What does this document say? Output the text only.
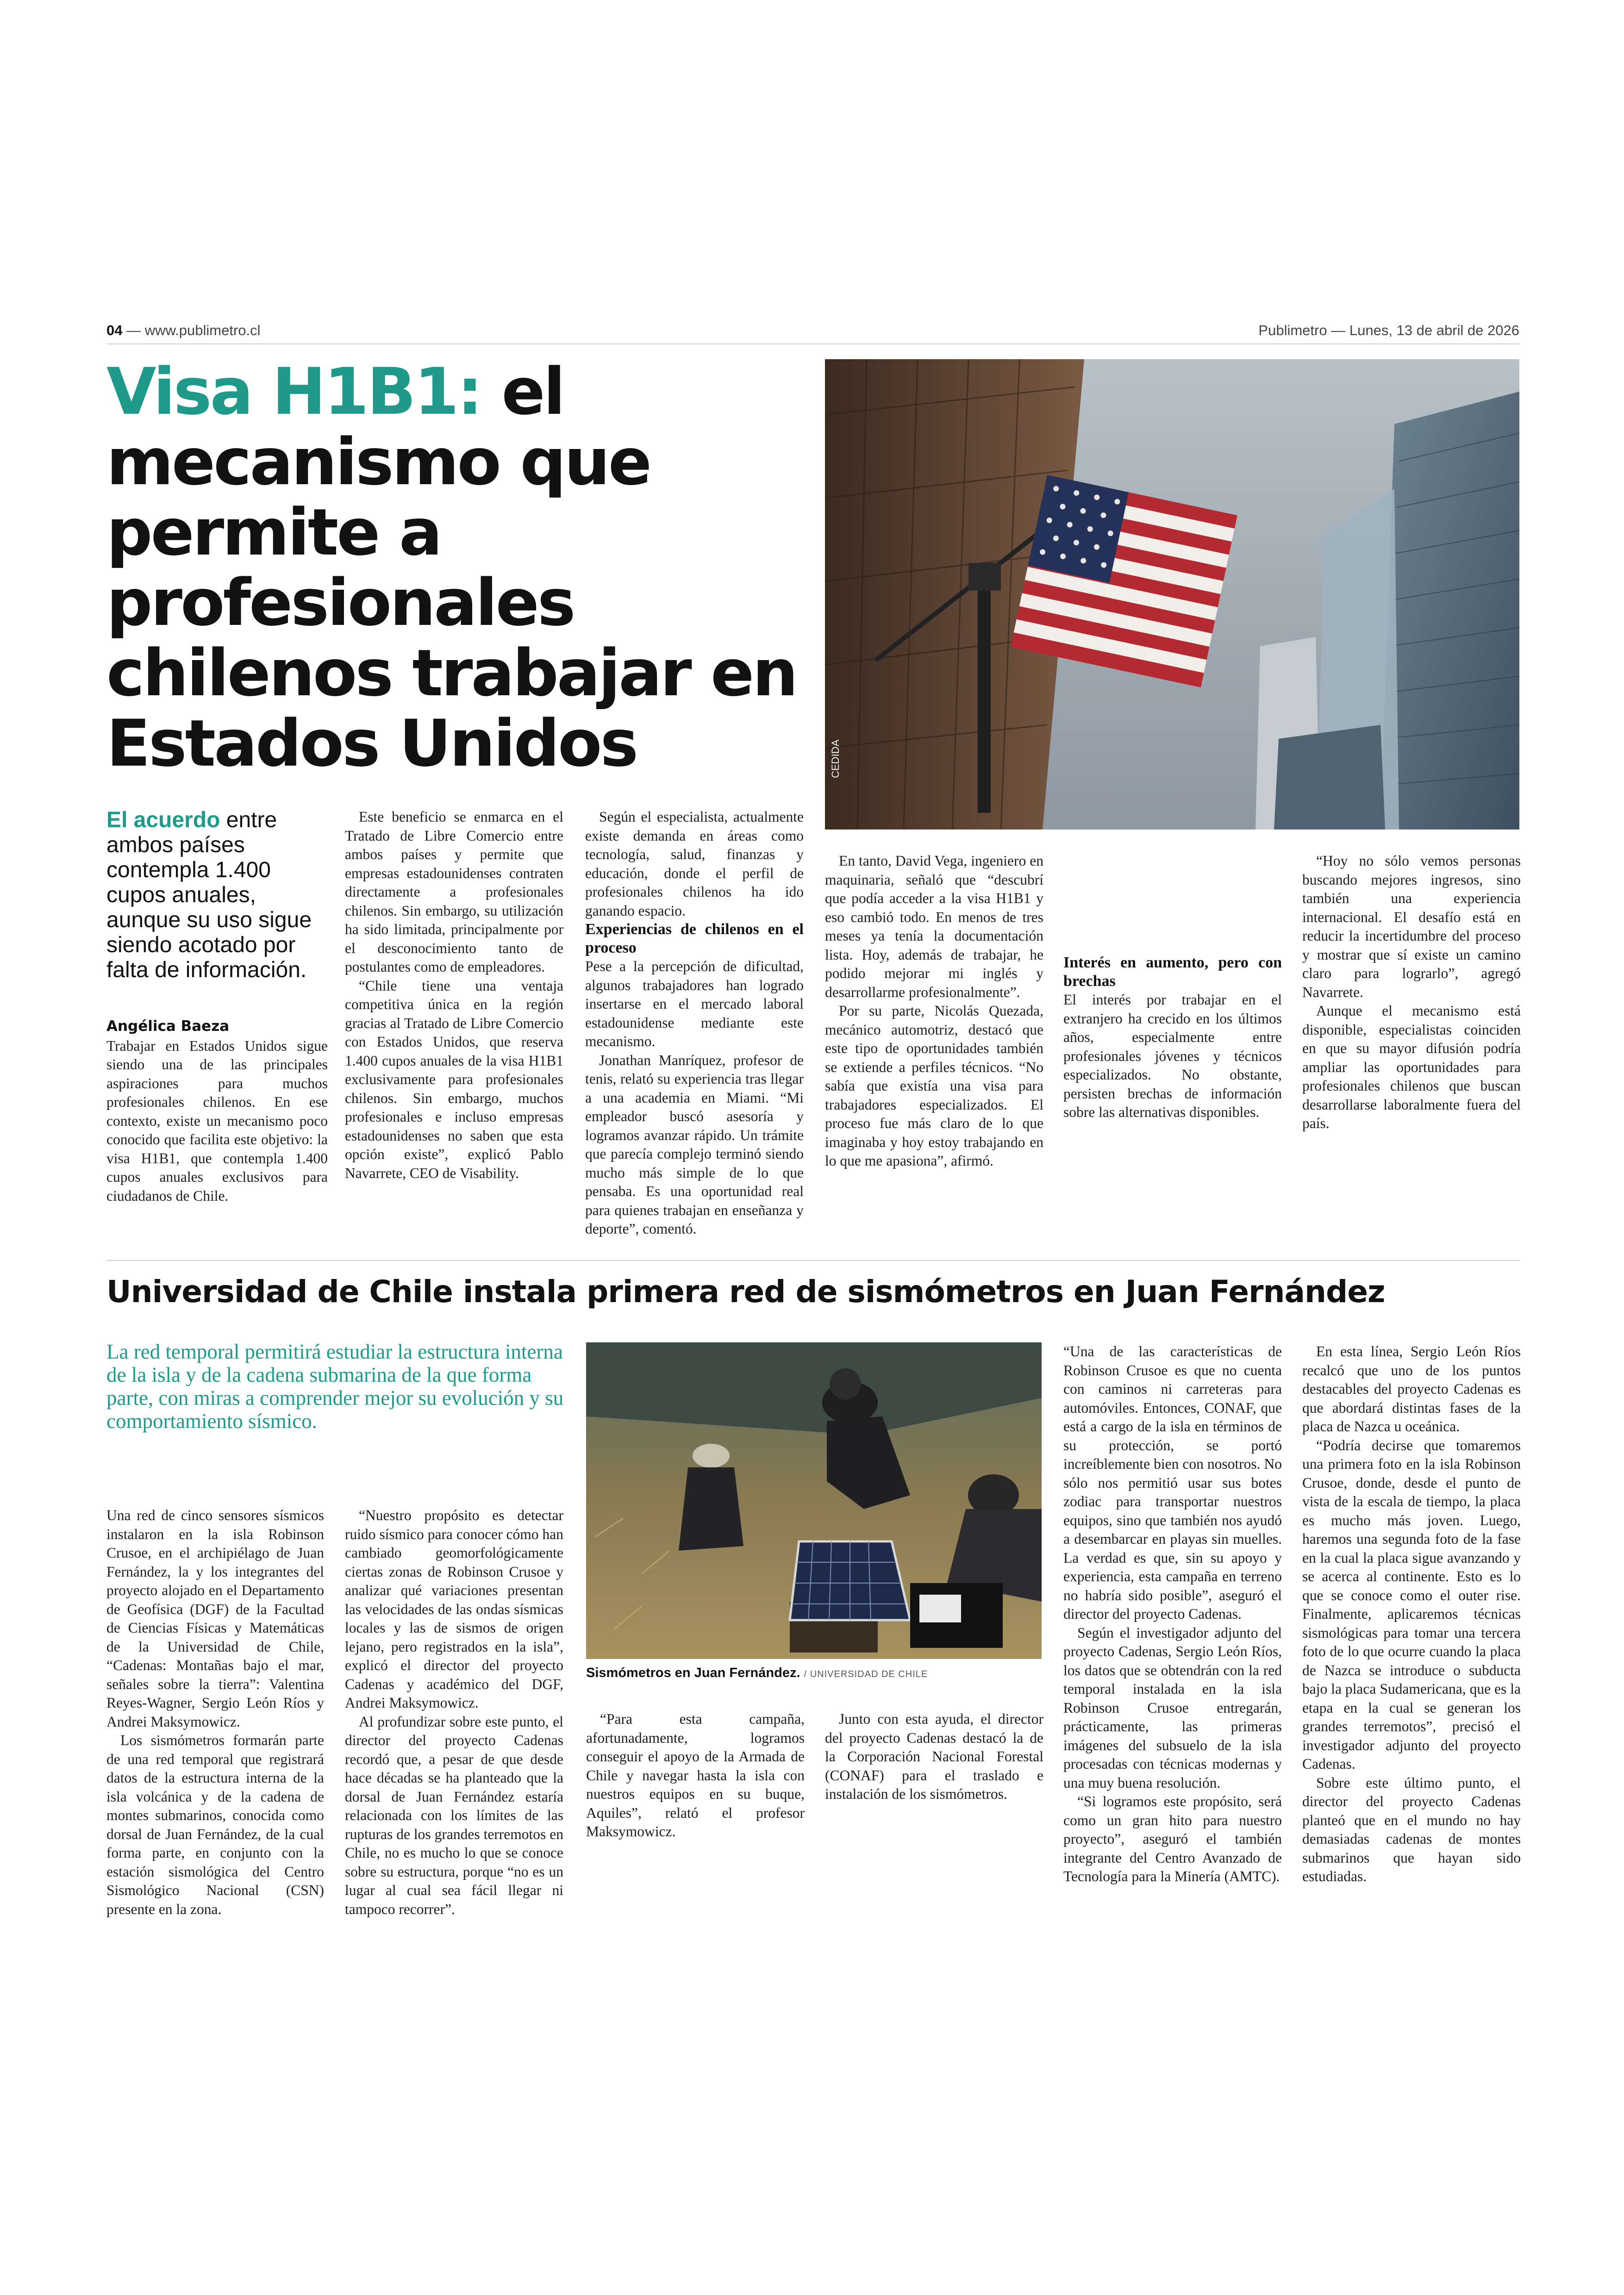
04 — www.publimetro.cl	Publimetro — Lunes, 13 de abril de 2026
Visa H1B1: el mecanismo que permite a profesionales chilenos trabajar en Estados Unidos	CEDIDA

El acuerdo entre ambos países contempla 1.400 cupos anuales, aunque su uso sigue siendo acotado por falta de información.

Angélica Baeza

Trabajar en Estados Unidos sigue siendo una de las principales aspiraciones para muchos profesionales chilenos. En ese contexto, existe un mecanismo poco conocido que facilita este objetivo: la visa H1B1, que contempla 1.400 cupos anuales exclusivos para ciudadanos de Chile.

Este beneficio se enmarca en el Tratado de Libre Comercio entre ambos países y permite que empresas estadounidenses contraten directamente a profesionales chilenos. Sin embargo, su utilización ha sido limitada, principalmente por el desconocimiento tanto de postulantes como de empleadores.

“Chile tiene una ventaja competitiva única en la región gracias al Tratado de Libre Comercio con Estados Unidos, que reserva 1.400 cupos anuales de la visa H1B1 exclusivamente para profesionales chilenos. Sin embargo, muchos profesionales e incluso empresas estadounidenses no saben que esta opción existe”, explicó Pablo Navarrete, CEO de Visability.

Según el especialista, actualmente existe demanda en áreas como tecnología, salud, finanzas y educación, donde el perfil de profesionales chilenos ha ido ganando espacio.

Experiencias de chilenos en el proceso

Pese a la percepción de dificultad, algunos trabajadores han logrado insertarse en el mercado laboral estadounidense mediante este mecanismo.

Jonathan Manríquez, profesor de tenis, relató su experiencia tras llegar a una academia en Miami. “Mi empleador buscó asesoría y logramos avanzar rápido. Un trámite que parecía complejo terminó siendo mucho más simple de lo que pensaba. Es una oportunidad real para quienes trabajan en enseñanza y deporte”, comentó.

En tanto, David Vega, ingeniero en maquinaria, señaló que “descubrí que podía acceder a la visa H1B1 y eso cambió todo. En menos de tres meses ya tenía la documentación lista. Hoy, además de trabajar, he podido mejorar mi inglés y desarrollarme profesionalmente”.

Por su parte, Nicolás Quezada, mecánico automotriz, destacó que este tipo de oportunidades también se extiende a perfiles técnicos. “No sabía que existía una visa para trabajadores especializados. El proceso fue más claro de lo que imaginaba y hoy estoy trabajando en lo que me apasiona”, afirmó.

Interés en aumento, pero con brechas

El interés por trabajar en el extranjero ha crecido en los últimos años, especialmente entre profesionales jóvenes y técnicos especializados. No obstante, persisten brechas de información sobre las alternativas disponibles.

“Hoy no sólo vemos personas buscando mejores ingresos, sino también una experiencia internacional. El desafío está en reducir la incertidumbre del proceso y mostrar que sí existe un camino claro para lograrlo”, agregó Navarrete.

Aunque el mecanismo está disponible, especialistas coinciden en que su mayor difusión podría ampliar las oportunidades para profesionales chilenos que buscan desarrollarse laboralmente fuera del país.

Universidad de Chile instala primera red de sismómetros en Juan Fernández

La red temporal permitirá estudiar la estructura interna de la isla y de la cadena submarina de la que forma parte, con miras a comprender mejor su evolución y su comportamiento sísmico.

Sismómetros en Juan Fernández. / UNIVERSIDAD DE CHILE

Una red de cinco sensores sísmicos instalaron en la isla Robinson Crusoe, en el archipiélago de Juan Fernández, la y los integrantes del proyecto alojado en el Departamento de Geofísica (DGF) de la Facultad de Ciencias Físicas y Matemáticas de la Universidad de Chile, “Cadenas: Montañas bajo el mar, señales sobre la tierra”: Valentina Reyes-Wagner, Sergio León Ríos y Andrei Maksymowicz.

Los sismómetros formarán parte de una red temporal que registrará datos de la estructura interna de la isla volcánica y de la cadena de montes submarinos, conocida como dorsal de Juan Fernández, de la cual forma parte, en conjunto con la estación sismológica del Centro Sismológico Nacional (CSN) presente en la zona.

“Nuestro propósito es detectar ruido sísmico para conocer cómo han cambiado geomorfológicamente ciertas zonas de Robinson Crusoe y analizar qué variaciones presentan las velocidades de las ondas sísmicas locales y las de sismos de origen lejano, pero registrados en la isla”, explicó el director del proyecto Cadenas y académico del DGF, Andrei Maksymowicz.

Al profundizar sobre este punto, el director del proyecto Cadenas recordó que, a pesar de que desde hace décadas se ha planteado que la dorsal de Juan Fernández estaría relacionada con los límites de las rupturas de los grandes terremotos en Chile, no es mucho lo que se conoce sobre su estructura, porque “no es un lugar al cual sea fácil llegar ni tampoco recorrer”.

“Para esta campaña, afortunadamente, logramos conseguir el apoyo de la Armada de Chile y navegar hasta la isla con nuestros equipos en su buque, Aquiles”, relató el profesor Maksymowicz.

Junto con esta ayuda, el director del proyecto Cadenas destacó la de la Corporación Nacional Forestal (CONAF) para el traslado e instalación de los sismómetros.

“Una de las características de Robinson Crusoe es que no cuenta con caminos ni carreteras para automóviles. Entonces, CONAF, que está a cargo de la isla en términos de su protección, se portó increíblemente bien con nosotros. No sólo nos permitió usar sus botes zodiac para transportar nuestros equipos, sino que también nos ayudó a desembarcar en playas sin muelles. La verdad es que, sin su apoyo y experiencia, esta campaña en terreno no habría sido posible”, aseguró el director del proyecto Cadenas.

Según el investigador adjunto del proyecto Cadenas, Sergio León Ríos, los datos que se obtendrán con la red temporal instalada en la isla Robinson Crusoe entregarán, prácticamente, las primeras imágenes del subsuelo de la isla procesadas con técnicas modernas y una muy buena resolución.

“Si logramos este propósito, será como un gran hito para nuestro proyecto”, aseguró el también integrante del Centro Avanzado de Tecnología para la Minería (AMTC).

En esta línea, Sergio León Ríos recalcó que uno de los puntos destacables del proyecto Cadenas es que abordará distintas fases de la placa de Nazca u oceánica.

“Podría decirse que tomaremos una primera foto en la isla Robinson Crusoe, donde, desde el punto de vista de la escala de tiempo, la placa es mucho más joven. Luego, haremos una segunda foto de la fase en la cual la placa sigue avanzando y se acerca al continente. Esto es lo que se conoce como el outer rise. Finalmente, aplicaremos técnicas sismológicas para tomar una tercera foto de lo que ocurre cuando la placa de Nazca se introduce o subducta bajo la placa Sudamericana, que es la etapa en la cual se generan los grandes terremotos”, precisó el investigador adjunto del proyecto Cadenas.

Sobre este último punto, el director del proyecto Cadenas planteó que en el mundo no hay demasiadas cadenas de montes submarinos que hayan sido estudiadas.
